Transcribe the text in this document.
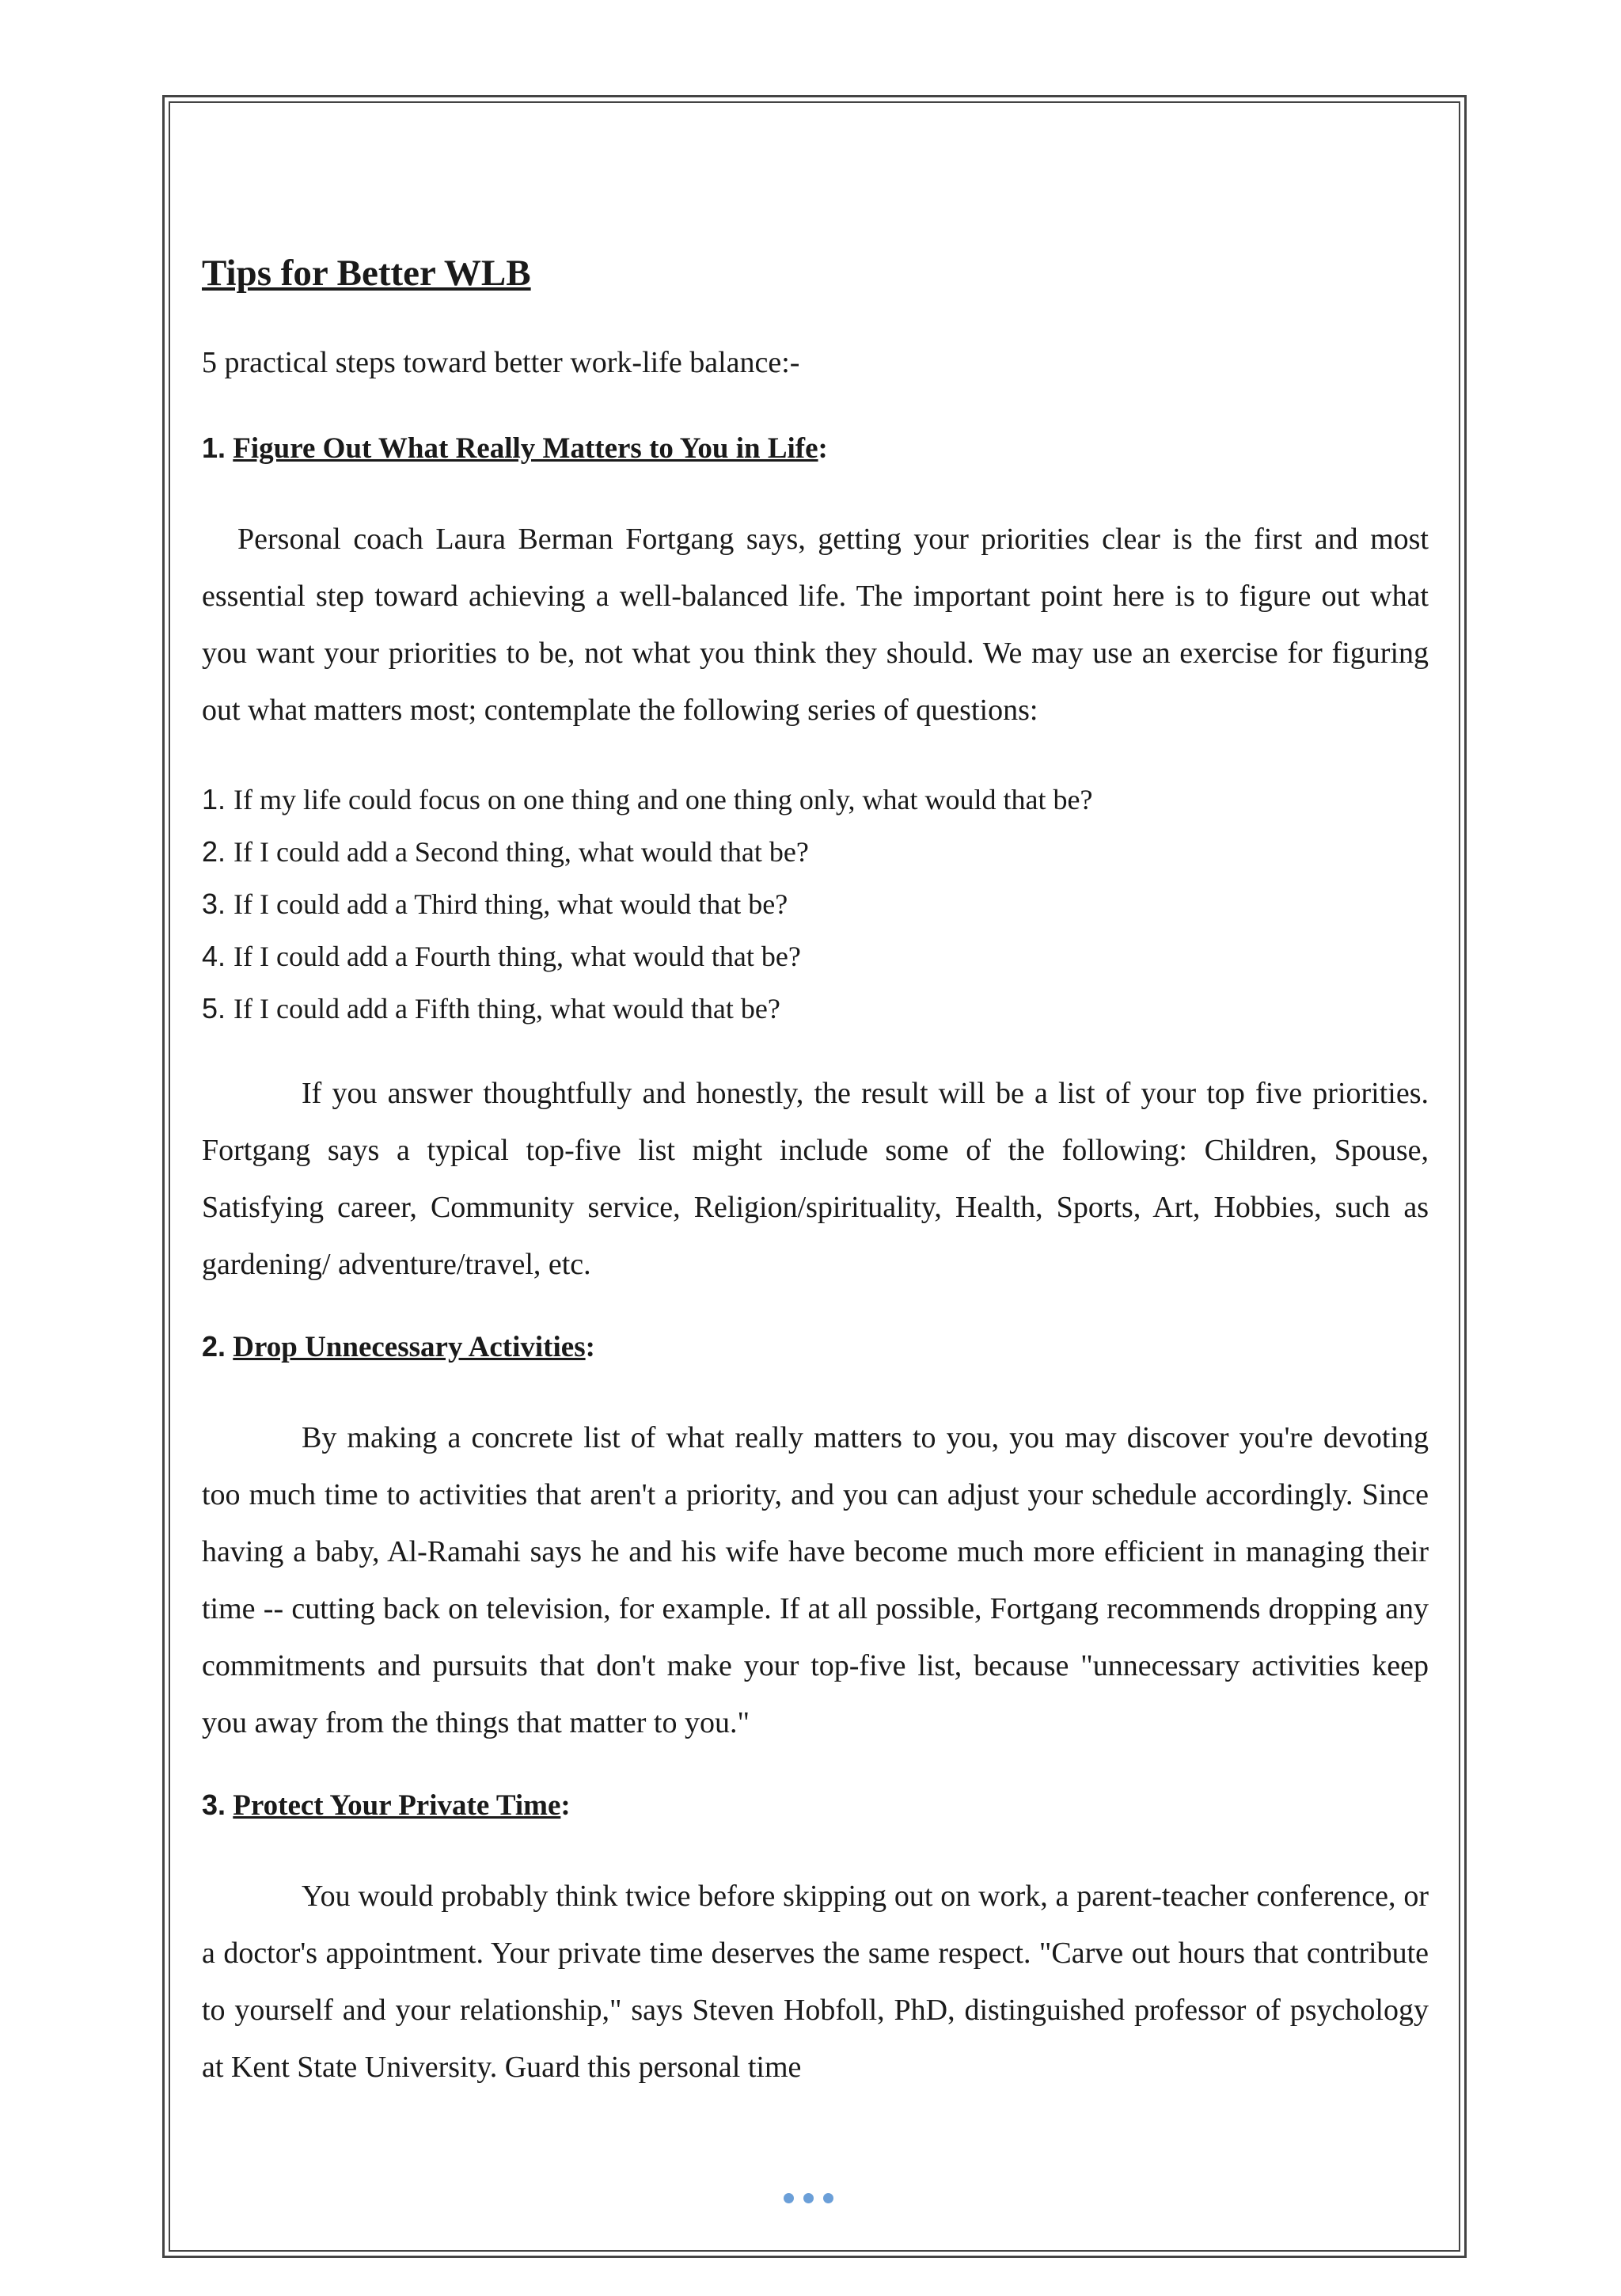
Tips for Better WLB
5 practical steps toward better work-life balance:-
1. Figure Out What Really Matters to You in Life:

Personal coach Laura Berman Fortgang says, getting your priorities clear is the first and most essential step toward achieving a well-balanced life. The important point here is to figure out what you want your priorities to be, not what you think they should. We may use an exercise for figuring out what matters most; contemplate the following series of questions:

1. If my life could focus on one thing and one thing only, what would that be?
2. If I could add a Second thing, what would that be?
3. If I could add a Third thing, what would that be?
4. If I could add a Fourth thing, what would that be?
5. If I could add a Fifth thing, what would that be?

If you answer thoughtfully and honestly, the result will be a list of your top five priorities. Fortgang says a typical top-five list might include some of the following: Children, Spouse, Satisfying career, Community service, Religion/spirituality, Health, Sports, Art, Hobbies, such as gardening/ adventure/travel, etc.

2. Drop Unnecessary Activities:

By making a concrete list of what really matters to you, you may discover you're devoting too much time to activities that aren't a priority, and you can adjust your schedule accordingly. Since having a baby, Al-Ramahi says he and his wife have become much more efficient in managing their time -- cutting back on television, for example. If at all possible, Fortgang recommends dropping any commitments and pursuits that don't make your top-five list, because "unnecessary activities keep you away from the things that matter to you."

3. Protect Your Private Time:

You would probably think twice before skipping out on work, a parent-teacher conference, or a doctor's appointment. Your private time deserves the same respect. "Carve out hours that contribute to yourself and your relationship," says Steven Hobfoll, PhD, distinguished professor of psychology at Kent State University. Guard this personal time
